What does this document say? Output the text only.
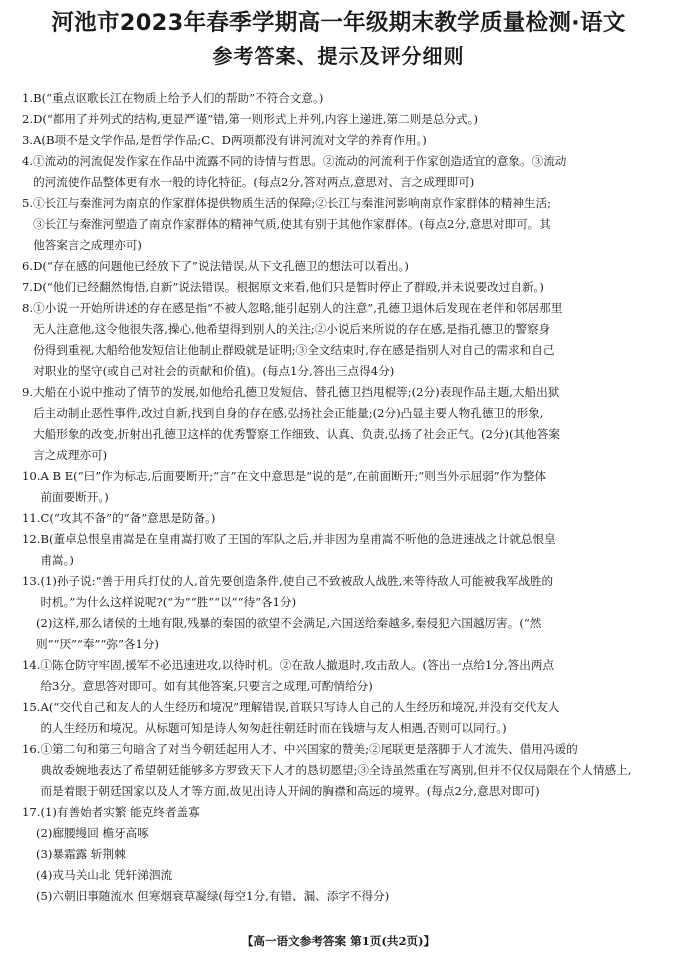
河池市2023年春季学期高一年级期末教学质量检测·语文
参考答案、提示及评分细则
1. B(“重点讴歌长江在物质上给予人们的帮助”不符合文意。)
2. D(“都用了并列式的结构,更显严谨”错,第一则形式上并列,内容上递进,第二则是总分式。)
3. A(B项不是文学作品,是哲学作品;C、D两项都没有讲河流对文学的养育作用。)
4. ①流动的河流促发作家在作品中流露不同的诗情与哲思。②流动的河流利于作家创造适宜的意象。③流动
的河流使作品整体更有水一般的诗化特征。(每点2分,答对两点,意思对、言之成理即可)
5. ①长江与秦淮河为南京的作家群体提供物质生活的保障;②长江与秦淮河影响南京作家群体的精神生活;
③长江与秦淮河塑造了南京作家群体的精神气质,使其有别于其他作家群体。(每点2分,意思对即可。其
他答案言之成理亦可)
6. D(“存在感的问题他已经放下了”说法错误,从下文孔德卫的想法可以看出。)
7. D(“他们已经翻然悔悟,自新”说法错误。根据原文来看,他们只是暂时停止了群殴,并未说要改过自新。)
8. ①小说一开始所讲述的存在感是指“不被人忽略,能引起别人的注意”,孔德卫退休后发现在老伴和邻居那里
无人注意他,这令他很失落,操心,他希望得到别人的关注;②小说后来所说的存在感,是指孔德卫的警察身
份得到重视,大船给他发短信让他制止群殴就是证明;③全文结束时,存在感是指别人对自己的需求和自己
对职业的坚守(或自己对社会的贡献和价值)。(每点1分,答出三点得4分)
9. 大船在小说中推动了情节的发展,如他给孔德卫发短信、替孔德卫挡甩棍等;(2分)表现作品主题,大船出狱
后主动制止恶性事件,改过自新,找到自身的存在感,弘扬社会正能量;(2分)凸显主要人物孔德卫的形象,
大船形象的改变,折射出孔德卫这样的优秀警察工作细致、认真、负责,弘扬了社会正气。(2分)(其他答案
言之成理亦可)
10. A B E(“曰”作为标志,后面要断开;“言”在文中意思是“说的是”,在前面断开;“则当外示屈弱”作为整体
前面要断开。)
11. C(“攻其不备”的“备”意思是防备。)
12. B(董卓总恨皇甫嵩是在皇甫嵩打败了王国的军队之后,并非因为皇甫嵩不听他的急进速战之计就总恨皇
甫嵩。)
13. (1)孙子说:“善于用兵打仗的人,首先要创造条件,使自己不致被敌人战胜,来等待敌人可能被我军战胜的
时机。”为什么这样说呢?(“为”“胜”“以”“待”各1分)
(2)这样,那么诸侯的土地有限,残暴的秦国的欲望不会满足,六国送给秦越多,秦侵犯六国越厉害。(“然
则”“厌”“奉”“弥”各1分)
14. ①陈仓防守牢固,援军不必迅速进攻,以待时机。②在敌人撤退时,攻击敌人。(答出一点给1分,答出两点
给3分。意思答对即可。如有其他答案,只要言之成理,可酌情给分)
15. A(“交代自己和友人的人生经历和境况”理解错误,首联只写诗人自己的人生经历和境况,并没有交代友人
的人生经历和境况。从标题可知是诗人匆匆赶往朝廷时而在钱塘与友人相遇,否则可以同行。)
16. ①第二句和第三句暗含了对当今朝廷起用人才、中兴国家的赞美;②尾联更是落脚于人才流失、借用冯谖的
典故委婉地表达了希望朝廷能够多方罗致天下人才的恳切愿望;③全诗虽然重在写离别,但并不仅仅局限在个人情感上,
而是着眼于朝廷国家以及人才等方面,故见出诗人开阔的胸襟和高远的境界。(每点2分,意思对即可)
17. (1)有善始者实繁 能克终者盖寡
(2)廊腰缦回 檐牙高啄
(3)暴霜露 斩荆棘
(4)戎马关山北 凭轩涕泗流
(5)六朝旧事随流水 但寒烟衰草凝绿(每空1分,有错、漏、添字不得分)
【高一语文参考答案 第1页(共2页)】
